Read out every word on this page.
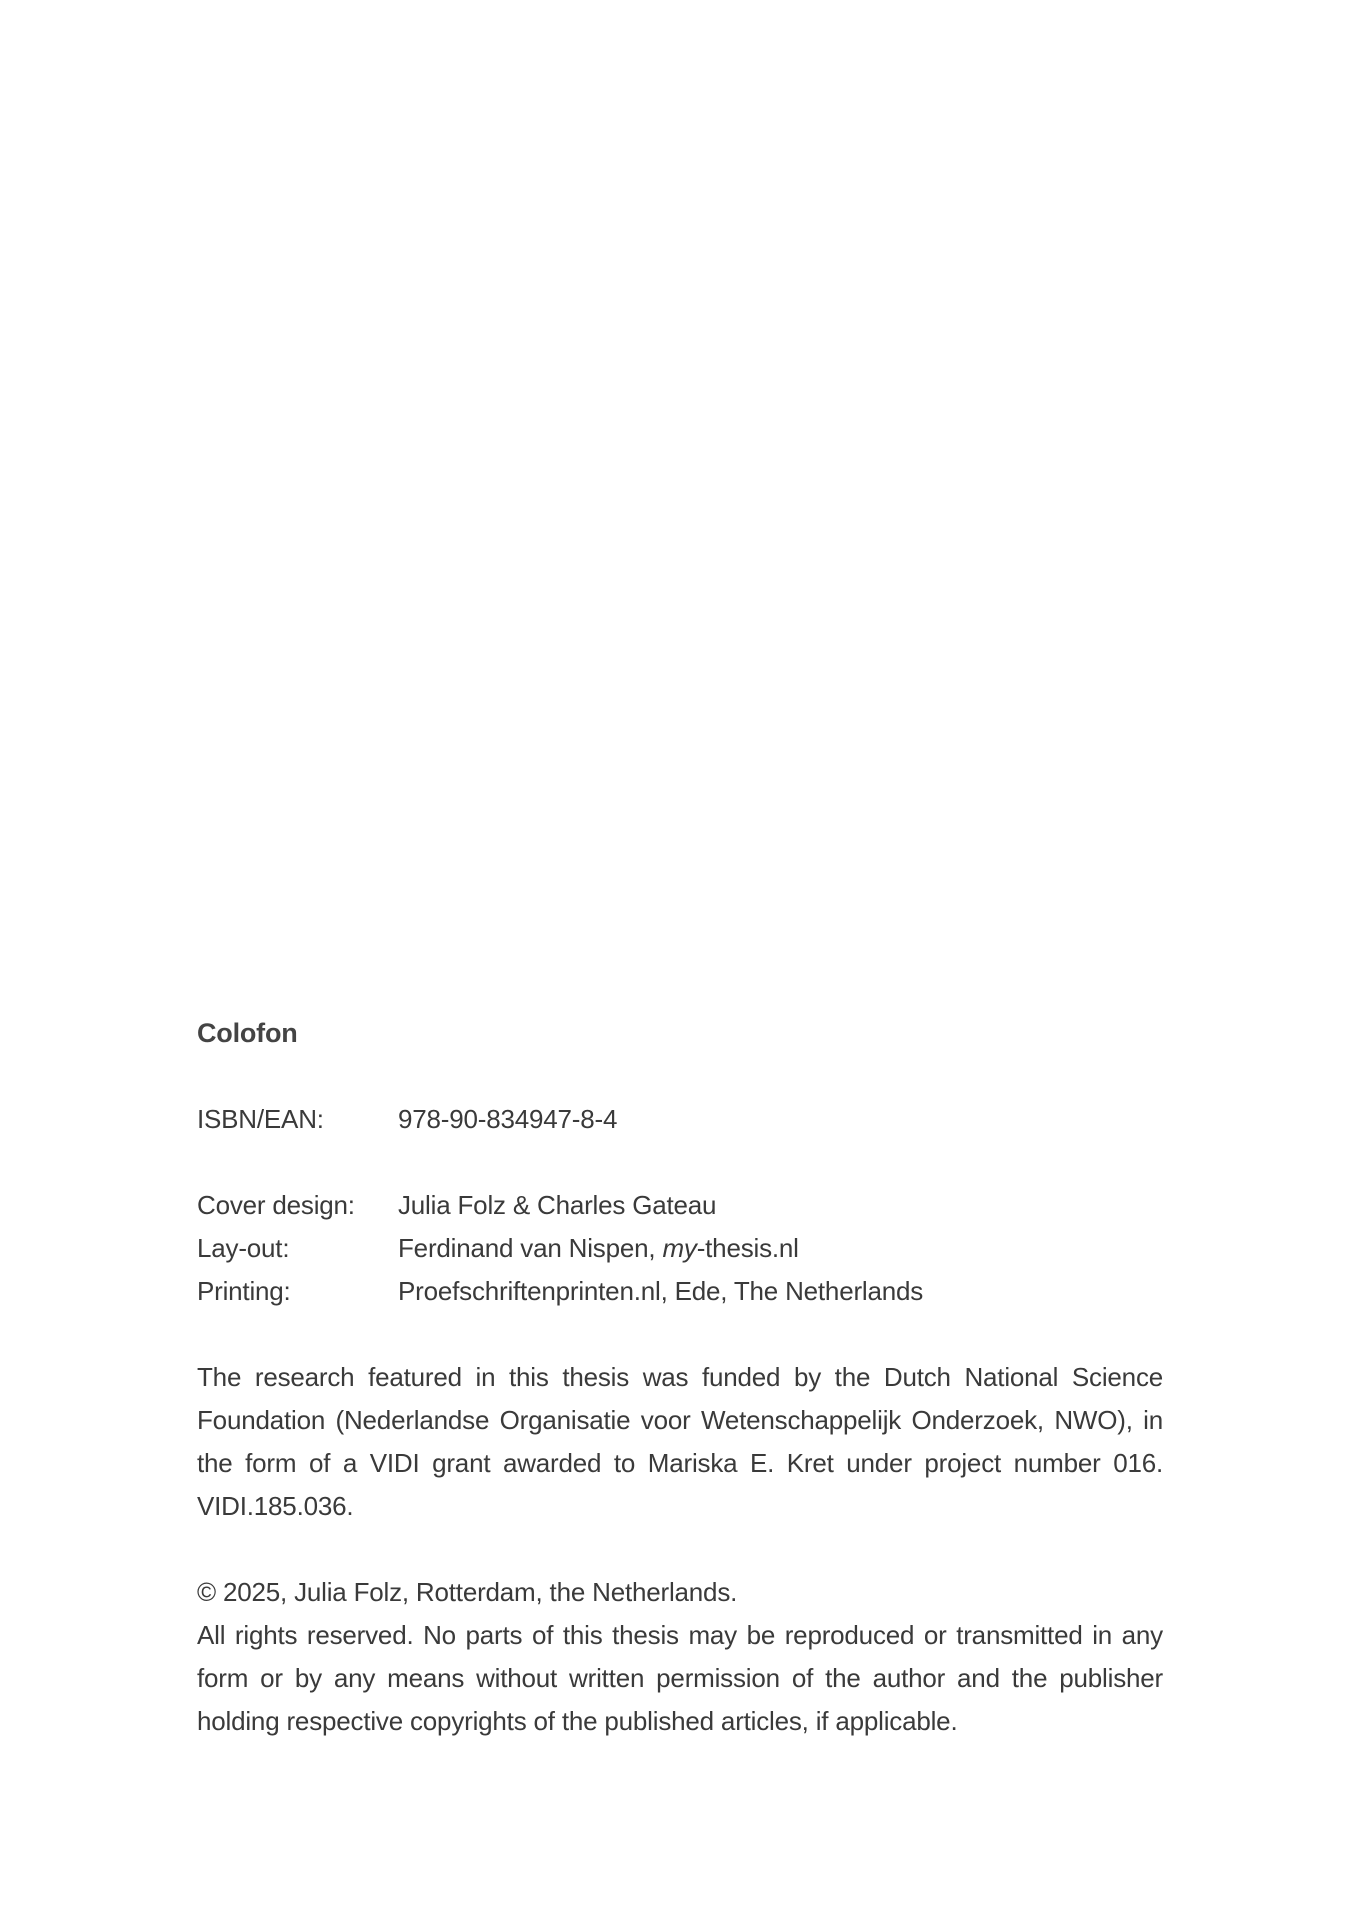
Colofon
ISBN/EAN:	978-90-834947-8-4
Cover design:	Julia Folz & Charles Gateau
Lay-out:	Ferdinand van Nispen, my-thesis.nl
Printing:	Proefschriftenprinten.nl, Ede, The Netherlands

The research featured in this thesis was funded by the Dutch National Science Foundation (Nederlandse Organisatie voor Wetenschappelijk Onderzoek, NWO), in the form of a VIDI grant awarded to Mariska E. Kret under project number 016. VIDI.185.036.

© 2025, Julia Folz, Rotterdam, the Netherlands.
All rights reserved. No parts of this thesis may be reproduced or transmitted in any form or by any means without written permission of the author and the publisher holding respective copyrights of the published articles, if applicable.
